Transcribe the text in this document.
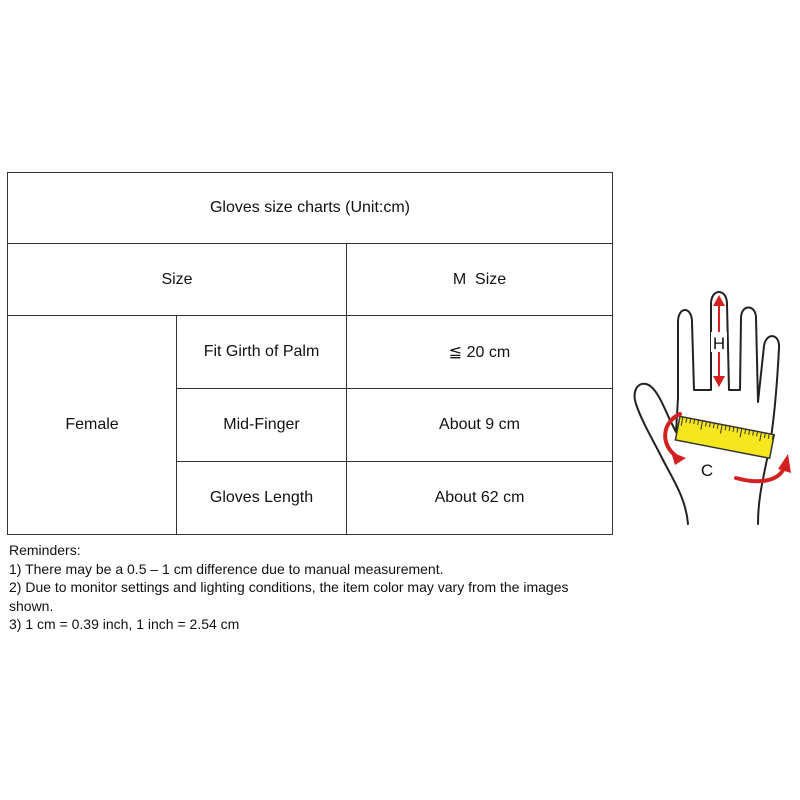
Gloves size charts (Unit:cm)		
Size		M  Size
Female	Fit Girth of Palm	≦ 20 cm
	Mid-Finger	About 9 cm
	Gloves Length	About 62 cm

Reminders:

1) There may be a 0.5 – 1 cm difference due to manual measurement.

2) Due to monitor settings and lighting conditions, the item color may vary from the images shown.

3) 1 cm = 0.39 inch, 1 inch = 2.54 cm

H
C
